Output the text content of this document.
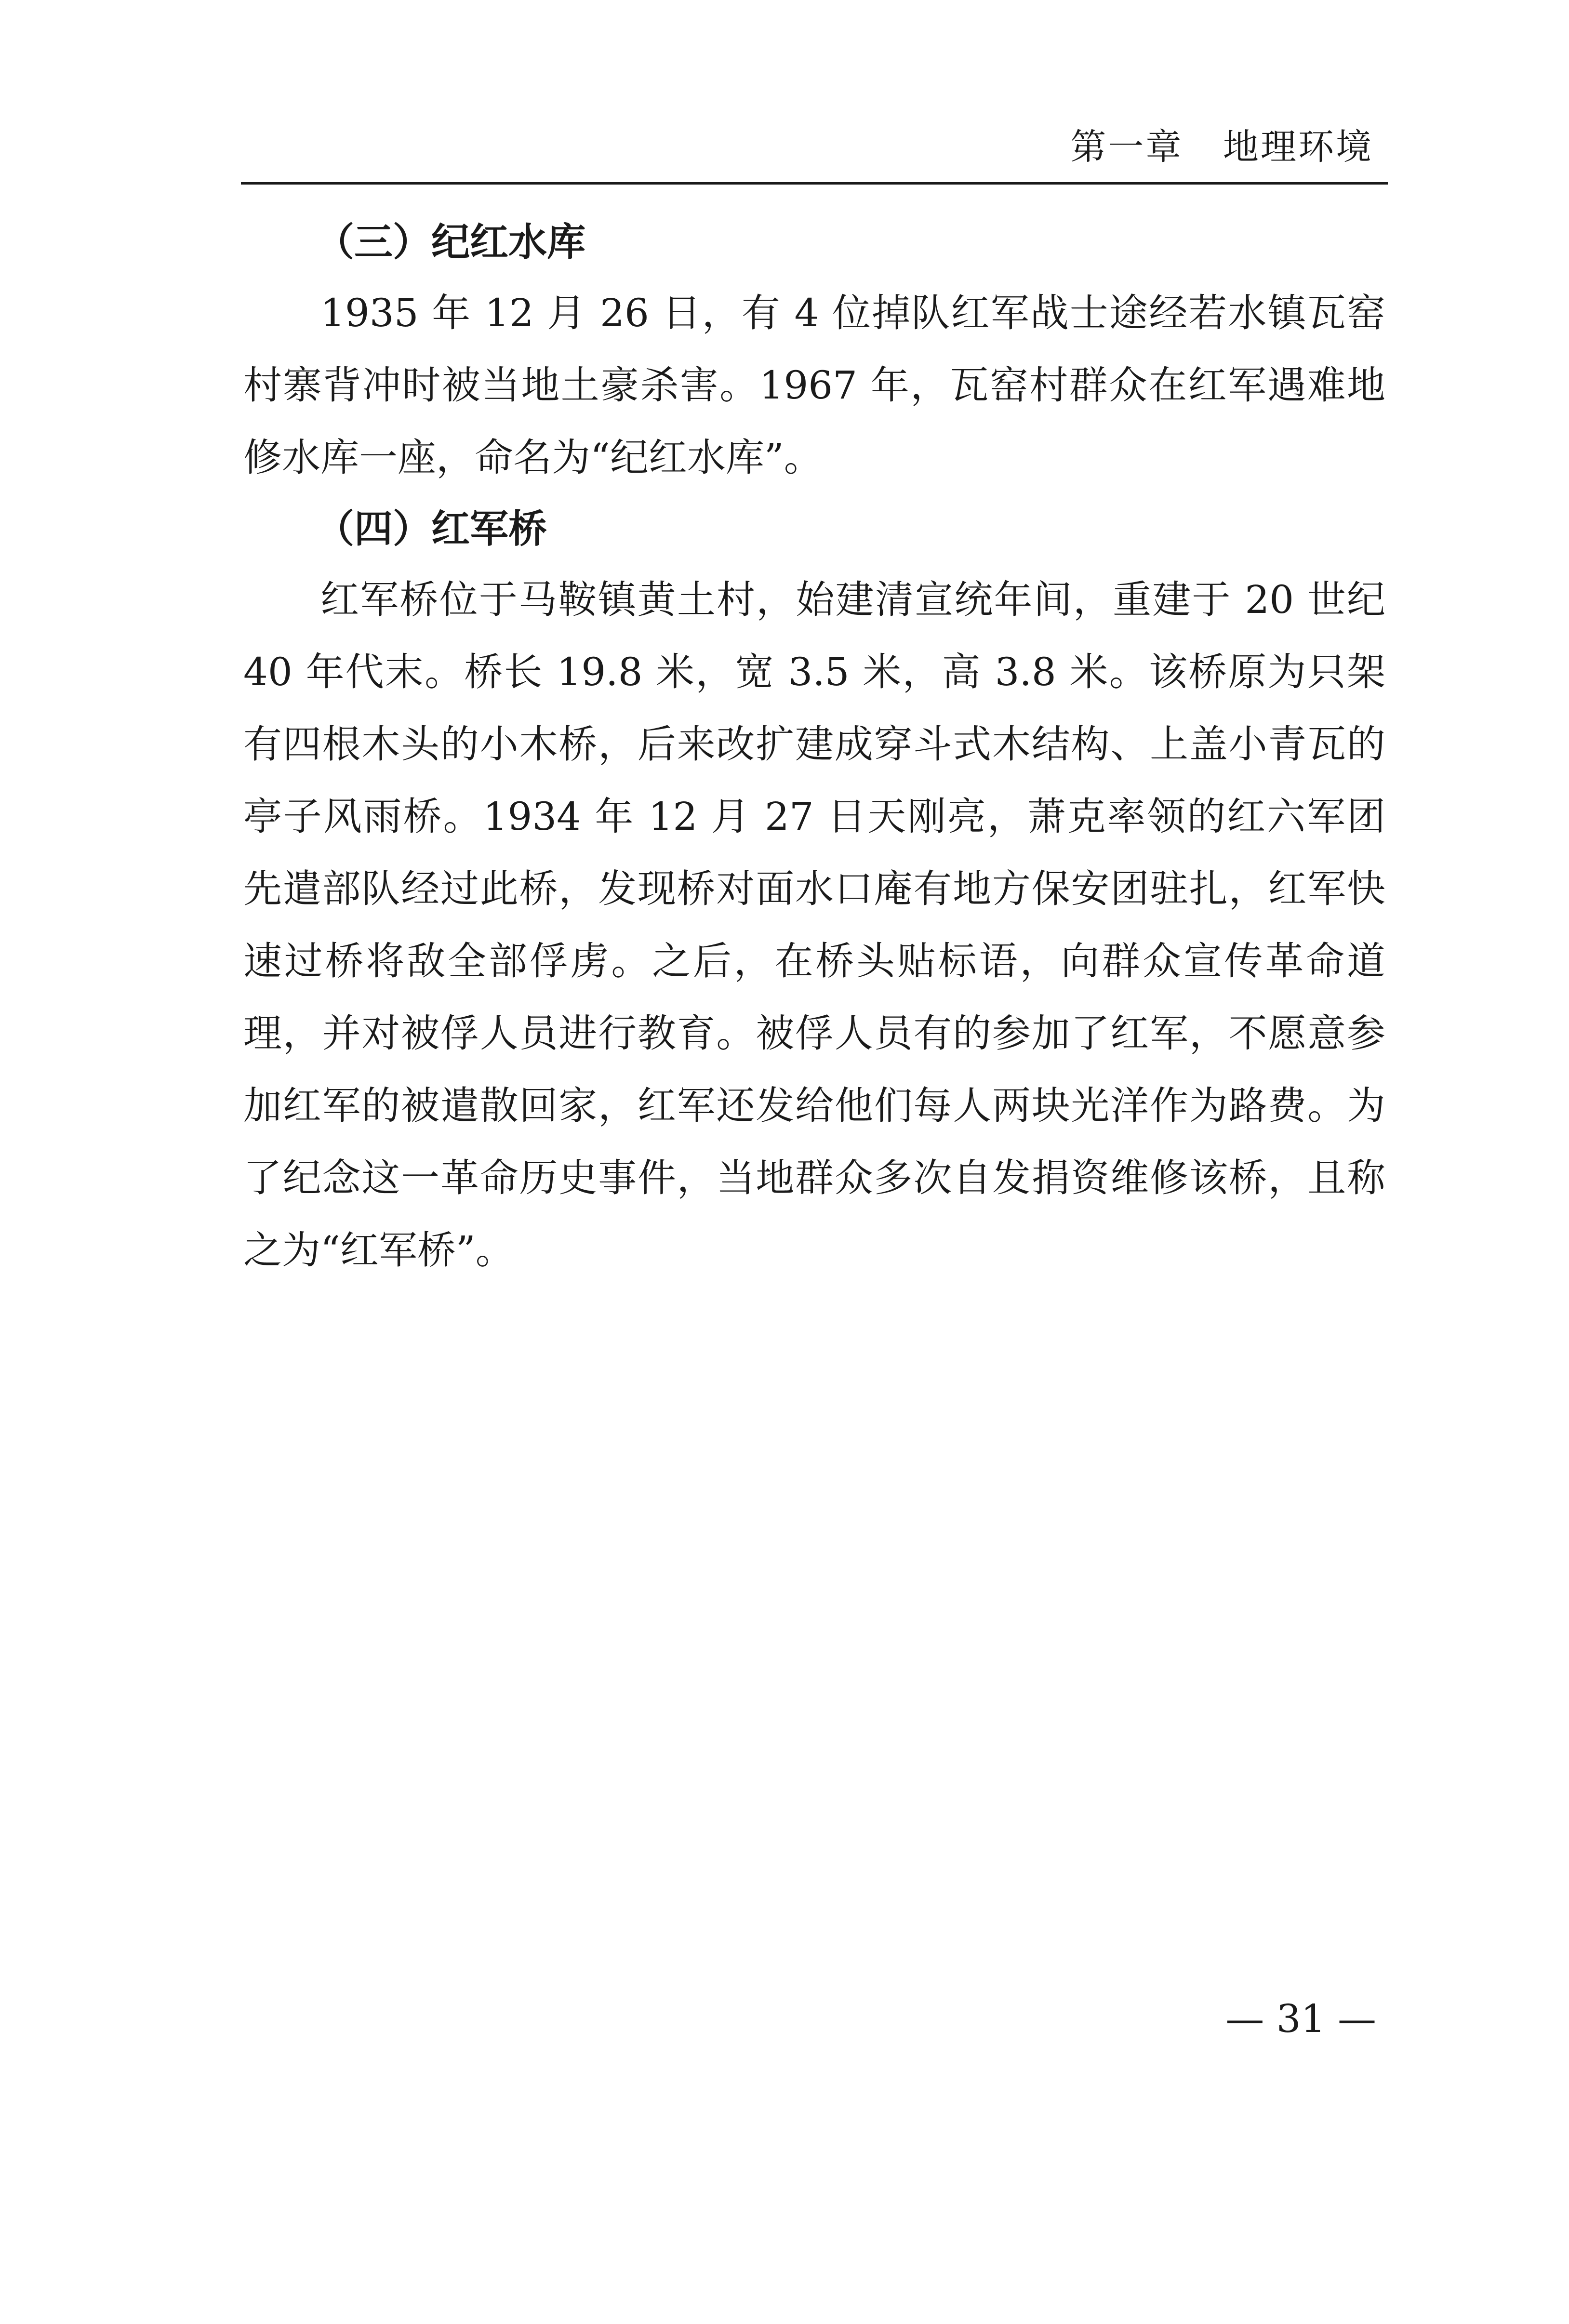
第一章   地理环境
（三）纪红水库

1935 年 12 月 26 日，有 4 位掉队红军战士途经若水镇瓦窑村寨背冲时被当地土豪杀害。1967 年，瓦窑村群众在红军遇难地修水库一座，命名为“纪红水库”。

（四）红军桥

红军桥位于马鞍镇黄土村，始建清宣统年间，重建于 20 世纪 40 年代末。桥长 19.8 米，宽 3.5 米，高 3.8 米。该桥原为只架有四根木头的小木桥，后来改扩建成穿斗式木结构、上盖小青瓦的亭子风雨桥。1934 年 12 月 27 日天刚亮，萧克率领的红六军团先遣部队经过此桥，发现桥对面水口庵有地方保安团驻扎，红军快速过桥将敌全部俘虏。之后，在桥头贴标语，向群众宣传革命道理，并对被俘人员进行教育。被俘人员有的参加了红军，不愿意参加红军的被遣散回家，红军还发给他们每人两块光洋作为路费。为了纪念这一革命历史事件，当地群众多次自发捐资维修该桥，且称之为“红军桥”。

— 31 —
